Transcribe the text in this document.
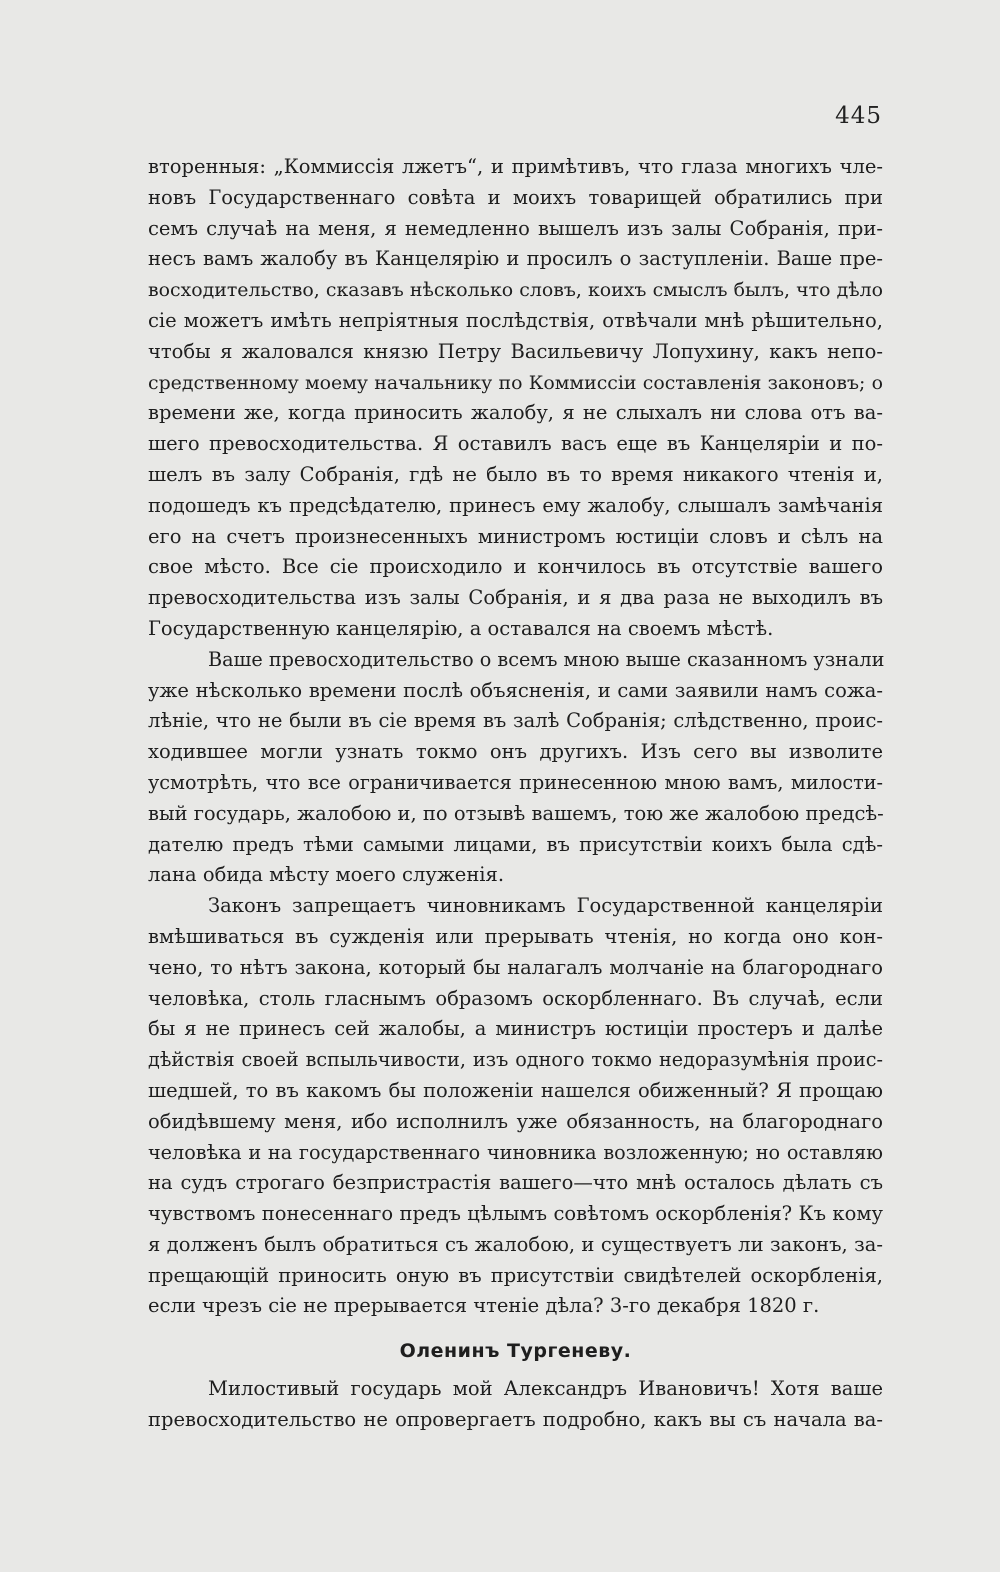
445
вторенныя: „Коммиссія лжетъ“, и примѣтивъ, что глаза многихъ чле-
новъ Государственнаго совѣта и моихъ товарищей обратились при
семъ случаѣ на меня, я немедленно вышелъ изъ залы Собранія, при-
несъ вамъ жалобу въ Канцелярію и просилъ о заступленіи. Ваше пре-
восходительство, сказавъ нѣсколько словъ, коихъ смыслъ былъ, что дѣло
сіе можетъ имѣть непріятныя послѣдствія, отвѣчали мнѣ рѣшительно,
чтобы я жаловался князю Петру Васильевичу Лопухину, какъ непо-
средственному моему начальнику по Коммиссіи составленія законовъ; о
времени же, когда приносить жалобу, я не слыхалъ ни слова отъ ва-
шего превосходительства. Я оставилъ васъ еще въ Канцеляріи и по-
шелъ въ залу Собранія, гдѣ не было въ то время никакого чтенія и,
подошедъ къ предсѣдателю, принесъ ему жалобу, слышалъ замѣчанія
его на счетъ произнесенныхъ министромъ юстиціи словъ и сѣлъ на
свое мѣсто. Все сіе происходило и кончилось въ отсутствіе вашего
превосходительства изъ залы Собранія, и я два раза не выходилъ въ
Государственную канцелярію, а оставался на своемъ мѣстѣ.
Ваше превосходительство о всемъ мною выше сказанномъ узнали
уже нѣсколько времени послѣ объясненія, и сами заявили намъ сожа-
лѣніе, что не были въ сіе время въ залѣ Собранія; слѣдственно, проис-
ходившее могли узнать токмо онъ другихъ. Изъ сего вы изволите
усмотрѣть, что все ограничивается принесенною мною вамъ, милости-
вый государь, жалобою и, по отзывѣ вашемъ, тою же жалобою предсѣ-
дателю предъ тѣми самыми лицами, въ присутствіи коихъ была сдѣ-
лана обида мѣсту моего служенія.
Законъ запрещаетъ чиновникамъ Государственной канцеляріи
вмѣшиваться въ сужденія или прерывать чтенія, но когда оно кон-
чено, то нѣтъ закона, который бы налагалъ молчаніе на благороднаго
человѣка, столь гласнымъ образомъ оскорбленнаго. Въ случаѣ, если
бы я не принесъ сей жалобы, а министръ юстиціи простеръ и далѣе
дѣйствія своей вспыльчивости, изъ одного токмо недоразумѣнія проис-
шедшей, то въ какомъ бы положеніи нашелся обиженный? Я прощаю
обидѣвшему меня, ибо исполнилъ уже обязанность, на благороднаго
человѣка и на государственнаго чиновника возложенную; но оставляю
на судъ строгаго безпристрастія вашего—что мнѣ осталось дѣлать съ
чувствомъ понесеннаго предъ цѣлымъ совѣтомъ оскорбленія? Къ кому
я долженъ былъ обратиться съ жалобою, и существуетъ ли законъ, за-
прещающій приносить оную въ присутствіи свидѣтелей оскорбленія,
если чрезъ сіе не прерывается чтеніе дѣла? 3-го декабря 1820 г.
Оленинъ Тургеневу.
Милостивый государь мой Александръ Ивановичъ! Хотя ваше
превосходительство не опровергаетъ подробно, какъ вы съ начала ва-
